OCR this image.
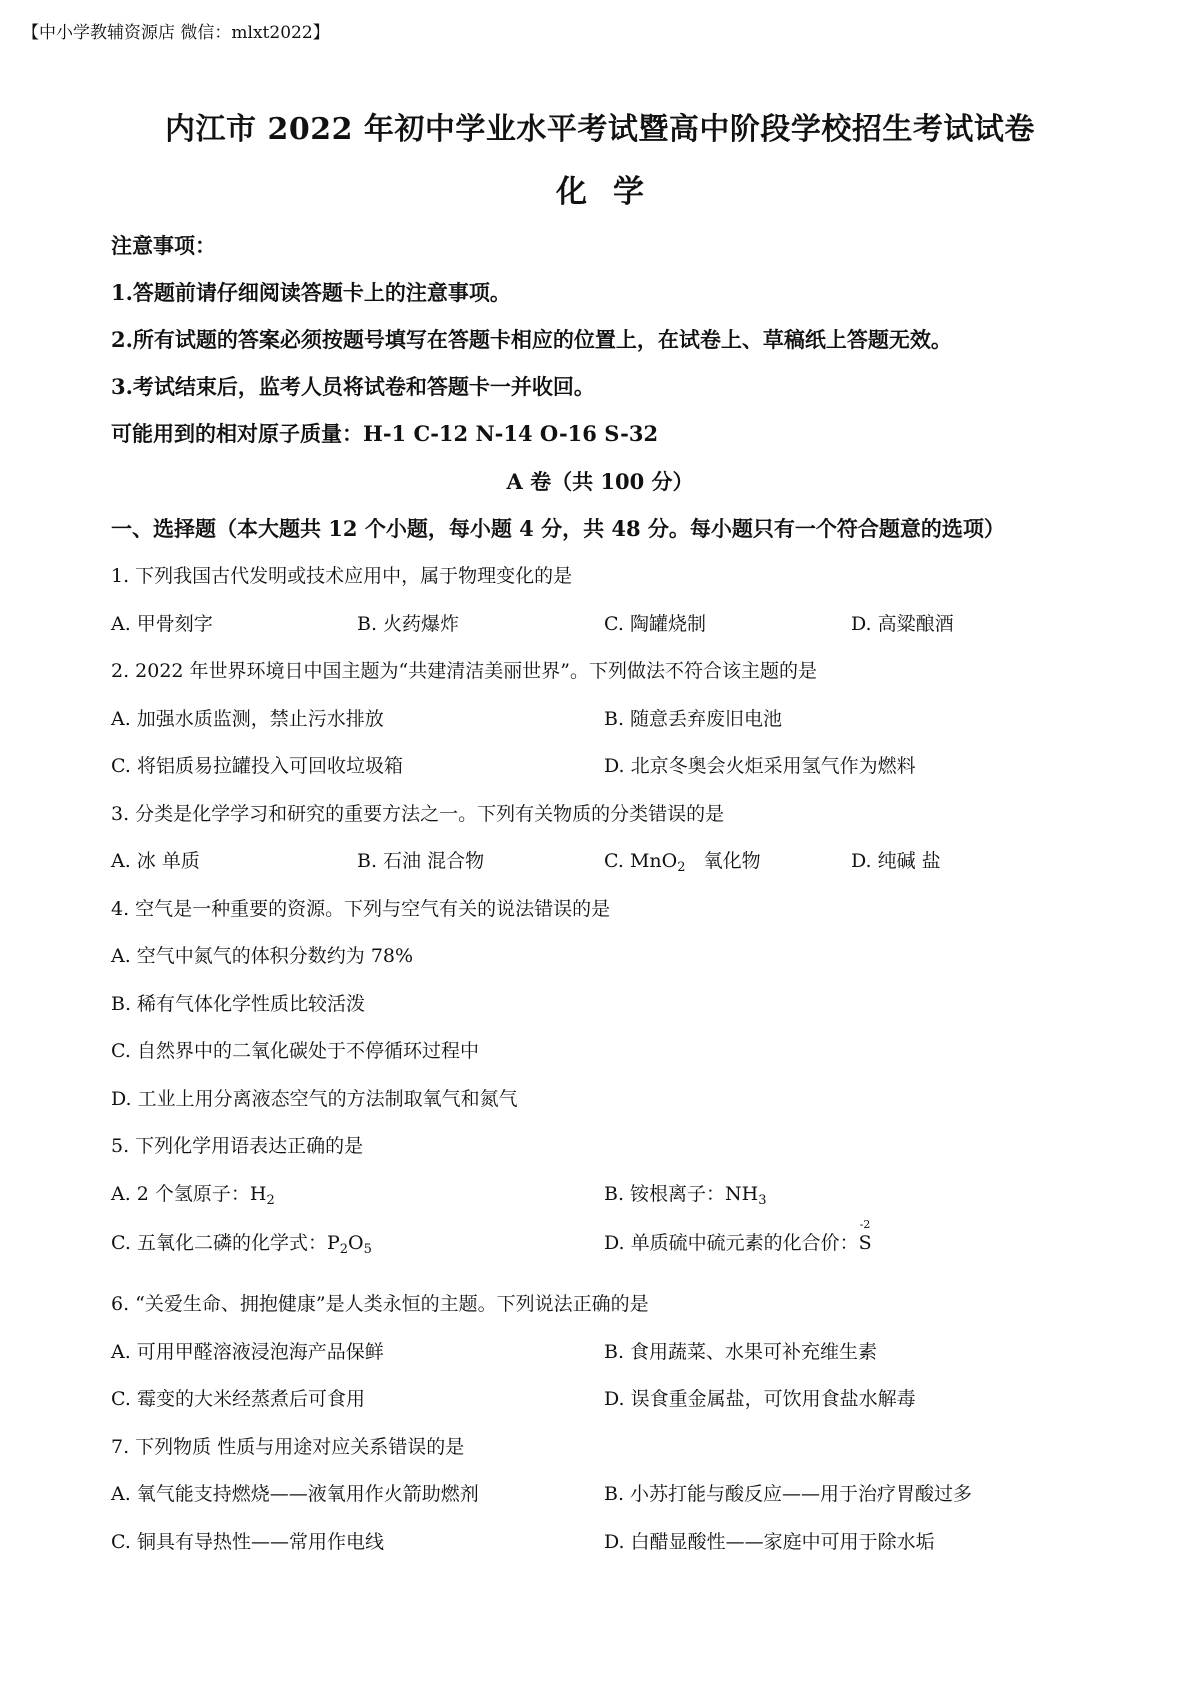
【中小学教辅资源店 微信：mlxt2022】
内江市 2022 年初中学业水平考试暨高中阶段学校招生考试试卷
化学
注意事项：
1.答题前请仔细阅读答题卡上的注意事项。
2.所有试题的答案必须按题号填写在答题卡相应的位置上，在试卷上、草稿纸上答题无效。
3.考试结束后，监考人员将试卷和答题卡一并收回。
可能用到的相对原子质量：H-1 C-12 N-14 O-16 S-32
A 卷（共 100 分）
一、选择题（本大题共 12 个小题，每小题 4 分，共 48 分。每小题只有一个符合题意的选项）
1. 下列我国古代发明或技术应用中，属于物理变化的是
A. 甲骨刻字	B. 火药爆炸	C. 陶罐烧制	D. 高粱酿酒
2. 2022 年世界环境日中国主题为“共建清洁美丽世界”。下列做法不符合该主题的是
A. 加强水质监测，禁止污水排放	B. 随意丢弃废旧电池
C. 将铝质易拉罐投入可回收垃圾箱	D. 北京冬奥会火炬采用氢气作为燃料
3. 分类是化学学习和研究的重要方法之一。下列有关物质的分类错误的是
A. 冰 单质	B. 石油 混合物	C. MnO$_2$   氧化物	D. 纯碱 盐
4. 空气是一种重要的资源。下列与空气有关的说法错误的是
A. 空气中氮气的体积分数约为 78%
B. 稀有气体化学性质比较活泼
C. 自然界中的二氧化碳处于不停循环过程中
D. 工业上用分离液态空气的方法制取氧气和氮气
5. 下列化学用语表达正确的是
A. 2 个氢原子：$H_2$	B. 铵根离子：$NH_3$
C. 五氧化二磷的化学式：$P_2O_5$	D. 单质硫中硫元素的化合价：
-2
S
6. “关爱生命、拥抱健康”是人类永恒的主题。下列说法正确的是
A. 可用甲醛溶液浸泡海产品保鲜	B. 食用蔬菜、水果可补充维生素
C. 霉变的大米经蒸煮后可食用	D. 误食重金属盐，可饮用食盐水解毒
7. 下列物质 性质与用途对应关系错误的是
A. 氧气能支持燃烧——液氧用作火箭助燃剂	B. 小苏打能与酸反应——用于治疗胃酸过多
C. 铜具有导热性——常用作电线	D. 白醋显酸性——家庭中可用于除水垢
